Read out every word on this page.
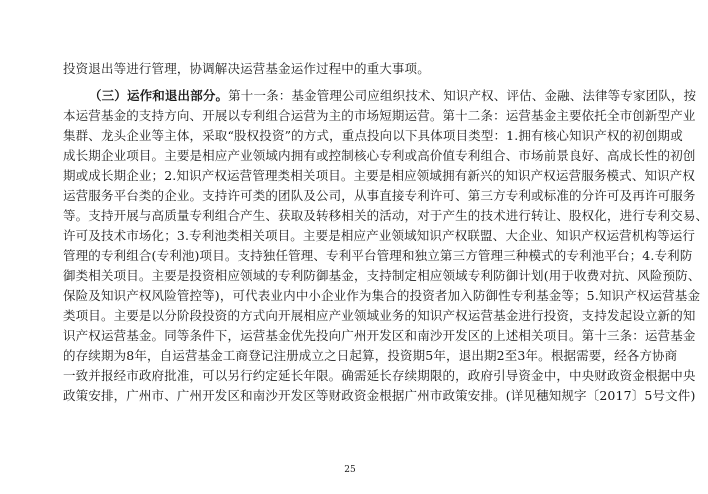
投资退出等进行管理，协调解决运营基金运作过程中的重大事项。
（三）运作和退出部分。第十一条：基金管理公司应组织技术、知识产权、评估、金融、法律等专家团队，按
本运营基金的支持方向、开展以专利组合运营为主的市场短期运营。第十二条：运营基金主要依托全市创新型产业
集群、龙头企业等主体，采取“股权投资”的方式，重点投向以下具体项目类型：1.拥有核心知识产权的初创期或
成长期企业项目。主要是相应产业领域内拥有或控制核心专利或高价值专利组合、市场前景良好、高成长性的初创
期或成长期企业；2.知识产权运营管理类相关项目。主要是相应领域拥有新兴的知识产权运营服务模式、知识产权
运营服务平台类的企业。支持许可类的团队及公司，从事直接专利许可、第三方专利或标准的分许可及再许可服务
等。支持开展与高质量专利组合产生、获取及转移相关的活动，对于产生的技术进行转让、股权化，进行专利交易、
许可及技术市场化；3.专利池类相关项目。主要是相应产业领域知识产权联盟、大企业、知识产权运营机构等运行
管理的专利组合(专利池)项目。支持独任管理、专利平台管理和独立第三方管理三种模式的专利池平台；4.专利防
御类相关项目。主要是投资相应领域的专利防御基金，支持制定相应领域专利防御计划(用于收费对抗、风险预防、
保险及知识产权风险管控等)，可代表业内中小企业作为集合的投资者加入防御性专利基金等；5.知识产权运营基金
类项目。主要是以分阶段投资的方式向开展相应产业领域业务的知识产权运营基金进行投资，支持发起设立新的知
识产权运营基金。同等条件下，运营基金优先投向广州开发区和南沙开发区的上述相关项目。第十三条：运营基金
的存续期为8年，自运营基金工商登记注册成立之日起算，投资期5年，退出期2至3年。根据需要，经各方协商
一致并报经市政府批准，可以另行约定延长年限。确需延长存续期限的，政府引导资金中，中央财政资金根据中央
政策安排，广州市、广州开发区和南沙开发区等财政资金根据广州市政策安排。(详见穗知规字〔2017〕5号文件)
25
